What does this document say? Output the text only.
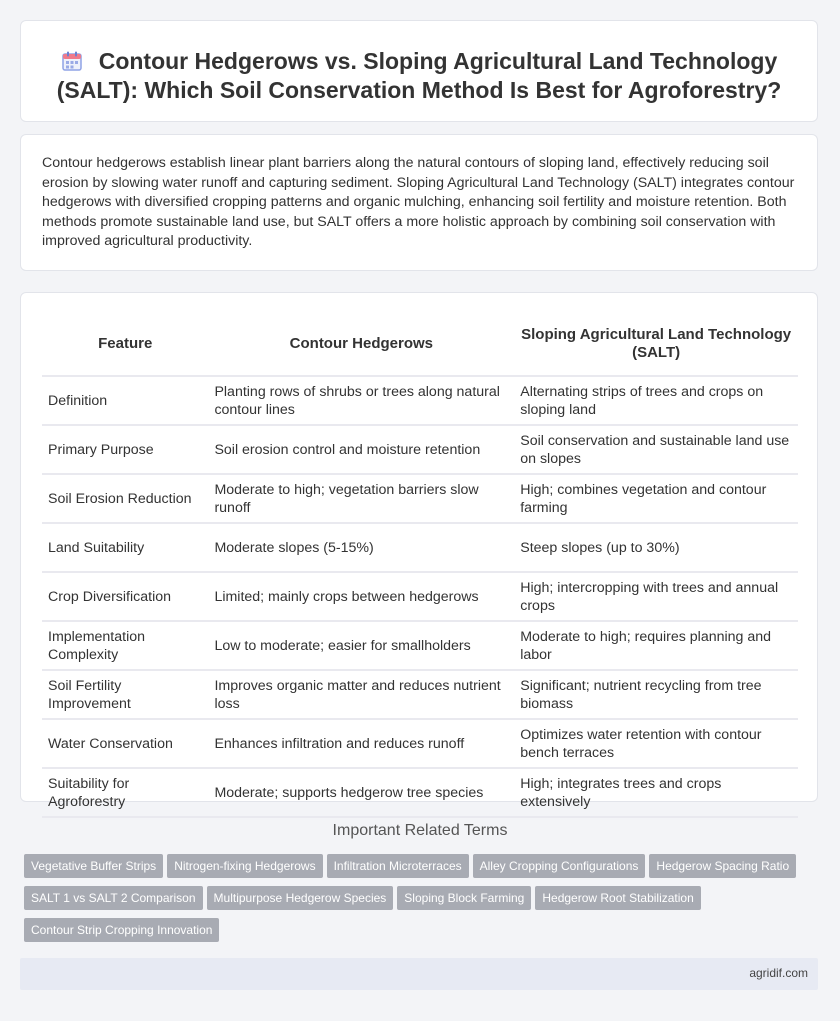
Contour Hedgerows vs. Sloping Agricultural Land Technology (SALT): Which Soil Conservation Method Is Best for Agroforestry?

Contour hedgerows establish linear plant barriers along the natural contours of sloping land, effectively reducing soil erosion by slowing water runoff and capturing sediment. Sloping Agricultural Land Technology (SALT) integrates contour hedgerows with diversified cropping patterns and organic mulching, enhancing soil fertility and moisture retention. Both methods promote sustainable land use, but SALT offers a more holistic approach by combining soil conservation with improved agricultural productivity.

Feature	Contour Hedgerows	Sloping Agricultural Land Technology (SALT)
Definition	Planting rows of shrubs or trees along natural contour lines	Alternating strips of trees and crops on sloping land
Primary Purpose	Soil erosion control and moisture retention	Soil conservation and sustainable land use on slopes
Soil Erosion Reduction	Moderate to high; vegetation barriers slow runoff	High; combines vegetation and contour farming
Land Suitability	Moderate slopes (5-15%)	Steep slopes (up to 30%)
Crop Diversification	Limited; mainly crops between hedgerows	High; intercropping with trees and annual crops
Implementation Complexity	Low to moderate; easier for smallholders	Moderate to high; requires planning and labor
Soil Fertility Improvement	Improves organic matter and reduces nutrient loss	Significant; nutrient recycling from tree biomass
Water Conservation	Enhances infiltration and reduces runoff	Optimizes water retention with contour bench terraces
Suitability for Agroforestry	Moderate; supports hedgerow tree species	High; integrates trees and crops extensively
Important Related Terms
Vegetative Buffer Strips Nitrogen-fixing Hedgerows Infiltration Microterraces Alley Cropping Configurations Hedgerow Spacing RatioSALT 1 vs SALT 2 Comparison Multipurpose Hedgerow Species Sloping Block Farming Hedgerow Root StabilizationContour Strip Cropping Innovation
agridif.com
